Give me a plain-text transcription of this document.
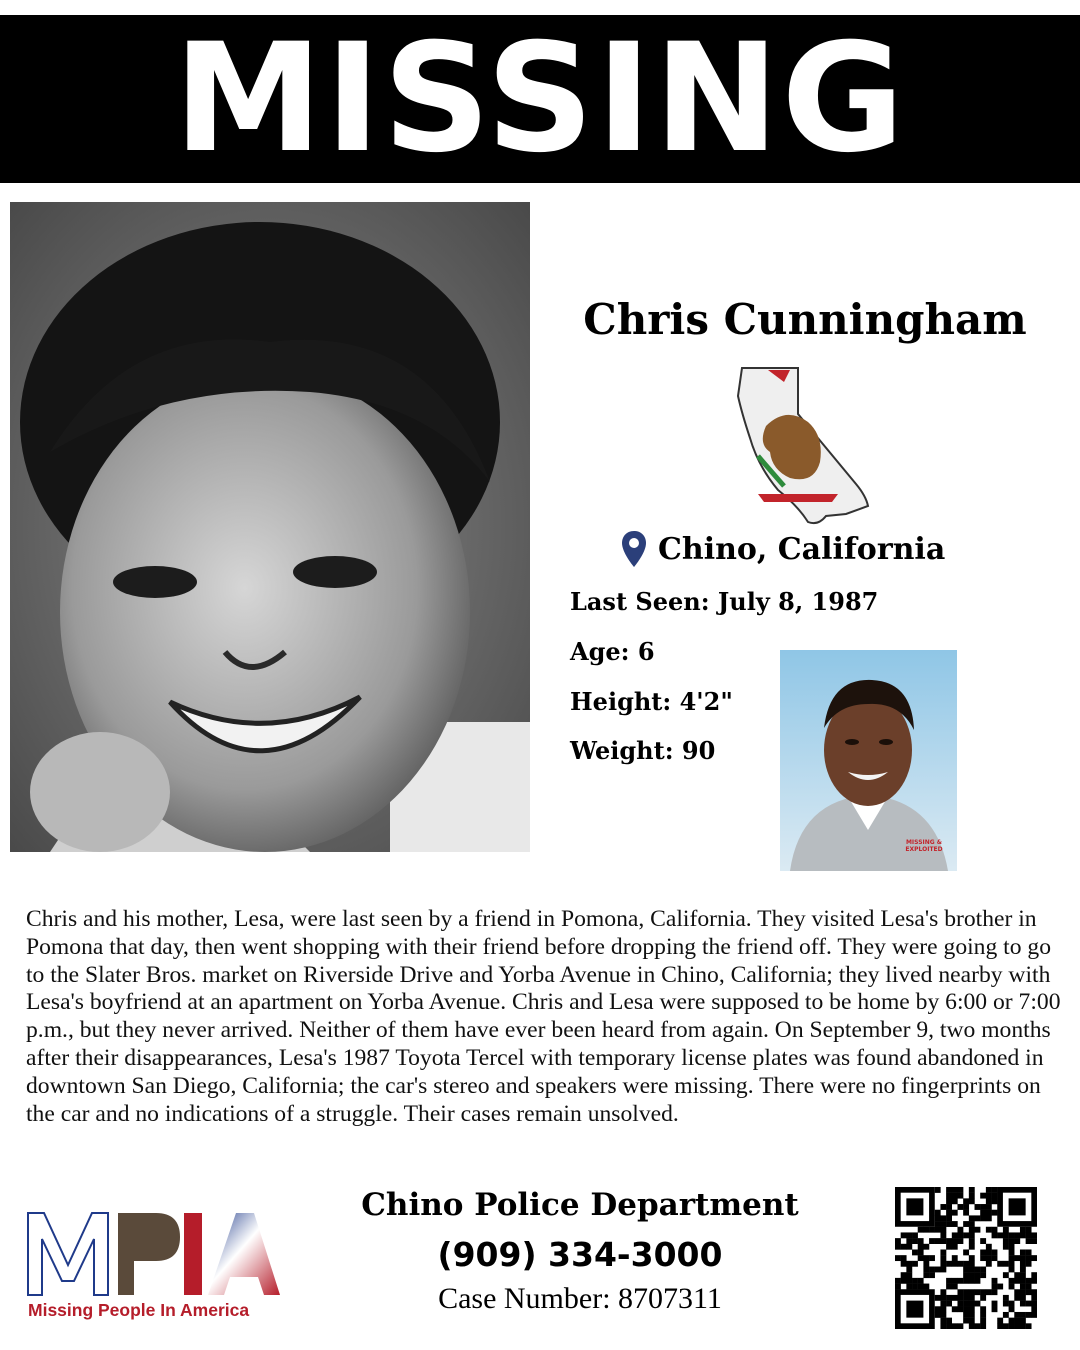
MISSING
Chris Cunningham
Chino, California
Last Seen : July 8, 1987
Age : 6
Height : 4'2"
Weight : 90
MISSING &
EXPLOITED

Chris and his mother, Lesa, were last seen by a friend in Pomona, California. They visited Lesa's brother in Pomona that day, then went shopping with their friend before dropping the friend off. They were going to go to the Slater Bros. market on Riverside Drive and Yorba Avenue in Chino, California; they lived nearby with Lesa's boyfriend at an apartment on Yorba Avenue. Chris and Lesa were supposed to be home by 6:00 or 7:00 p.m., but they never arrived. Neither of them have ever been heard from again. On September 9, two months after their disappearances, Lesa's 1987 Toyota Tercel with temporary license plates was found abandoned in downtown San Diego, California; the car's stereo and speakers were missing. There were no fingerprints on the car and no indications of a struggle. Their cases remain unsolved.

MPIA
Missing People In America
Chino Police Department
(909) 334-3000
Case Number : 8707311
